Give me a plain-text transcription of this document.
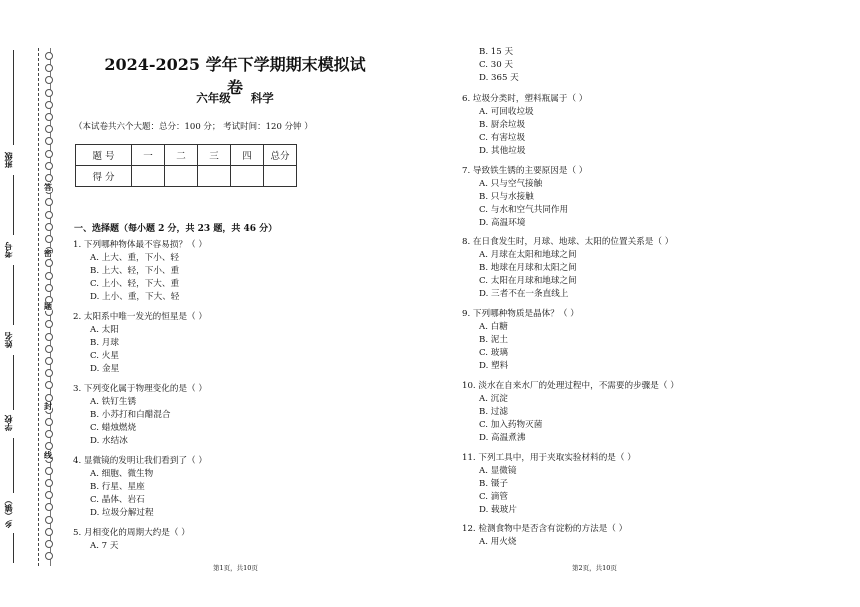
答
密
题
封
线
班级
考号
姓名
学校
乡（镇）
2024-2025 学年下学期期末模拟试卷
六年级 科学
（本试卷共六个大题：总分：100 分； 考试时间：120 分钟 ）
题 号	一	二	三	四	总分
得 分					
一、选择题（每小题 2 分，共 23 题，共 46 分）
1. 下列哪种物体最不容易损？（ ）
A. 上大、重，下小、轻
B. 上大、轻，下小、重
C. 上小、轻，下大、重
D. 上小、重，下大、轻
2. 太阳系中唯一发光的恒星是（ ）
A. 太阳
B. 月球
C. 火星
D. 金星
3. 下列变化属于物理变化的是（ ）
A. 铁钉生锈
B. 小苏打和白醋混合
C. 蜡烛燃烧
D. 水结冰
4. 显微镜的发明让我们看到了（ ）
A. 细胞、微生物
B. 行星、星座
C. 晶体、岩石
D. 垃圾分解过程
5. 月相变化的周期大约是（ ）
A. 7 天
B. 15 天
C. 30 天
D. 365 天
6. 垃圾分类时，塑料瓶属于（ ）
A. 可回收垃圾
B. 厨余垃圾
C. 有害垃圾
D. 其他垃圾
7. 导致铁生锈的主要原因是（ ）
A. 只与空气接触
B. 只与水接触
C. 与水和空气共同作用
D. 高温环境
8. 在日食发生时，月球、地球、太阳的位置关系是（ ）
A. 月球在太阳和地球之间
B. 地球在月球和太阳之间
C. 太阳在月球和地球之间
D. 三者不在一条直线上
9. 下列哪种物质是晶体？（ ）
A. 白糖
B. 泥土
C. 玻璃
D. 塑料
10. 淡水在自来水厂的处理过程中，不需要的步骤是（ ）
A. 沉淀
B. 过滤
C. 加入药物灭菌
D. 高温煮沸
11. 下列工具中，用于夹取实验材料的是（ ）
A. 显微镜
B. 镊子
C. 滴管
D. 载玻片
12. 检测食物中是否含有淀粉的方法是（ ）
A. 用火烧
第1页，共10页	第2页，共10页
